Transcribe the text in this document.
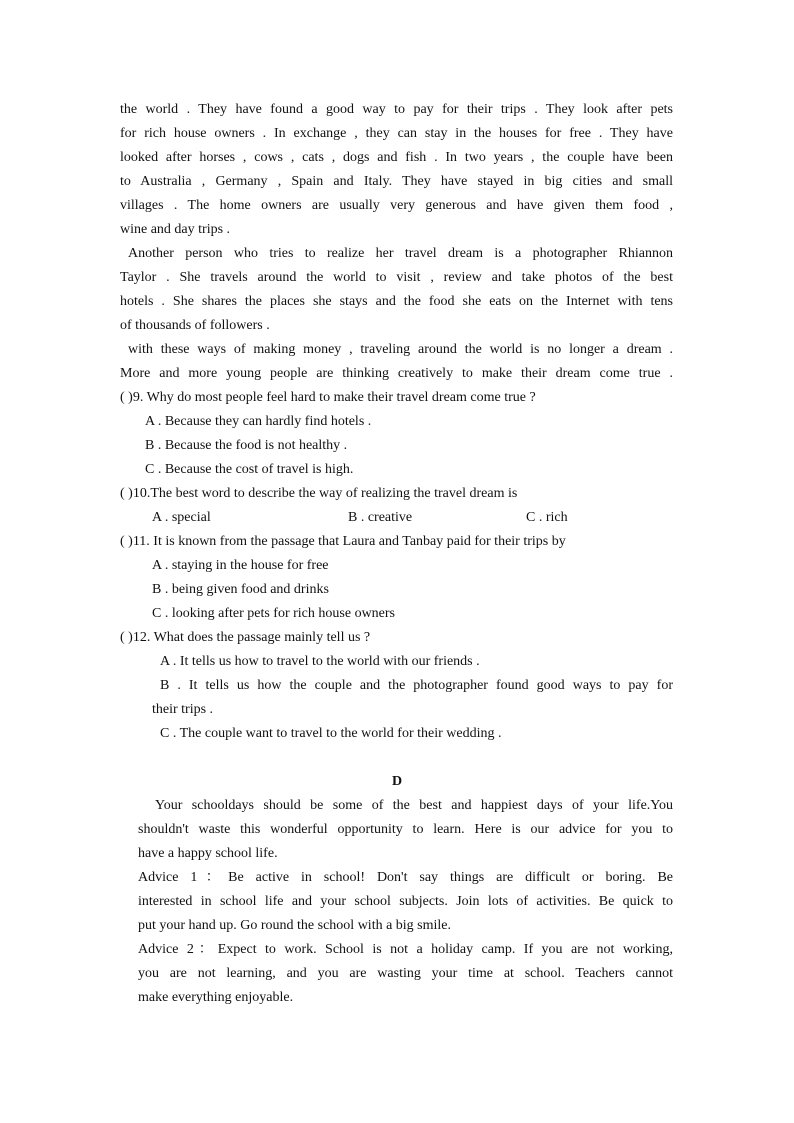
the world . They have found a good way to pay for their trips . They look after pets
for rich house owners . In exchange , they can stay in the houses for free . They have
looked after horses , cows , cats , dogs and fish . In two years , the couple have been
to Australia , Germany , Spain and Italy. They have stayed in big cities and small
villages . The home owners are usually very generous and have given them food ,
wine and day trips .
Another person who tries to realize her travel dream is a photographer Rhiannon
Taylor . She travels around the world to visit , review and take photos of the best
hotels . She shares the places she stays and the food she eats on the Internet with tens
of thousands of followers .
with these ways of making money , traveling around the world is no longer a dream .
More and more young people are thinking creatively to make their dream come true .
( )9. Why do most people feel hard to make their travel dream come true ?
A . Because they can hardly find hotels .
B . Because the food is not healthy .
C . Because the cost of travel is high.
( )10.The best word to describe the way of realizing the travel dream is
A . special	B . creative	C . rich
( )11. It is known from the passage that Laura and Tanbay paid for their trips by
A . staying in the house for free
B . being given food and drinks
C . looking after pets for rich house owners
( )12. What does the passage mainly tell us ?
A . It tells us how to travel to the world with our friends .
B . It tells us how the couple and the photographer found good ways to pay for
their trips .
C . The couple want to travel to the world for their wedding .
D
Your schooldays should be some of the best and happiest days of your life.You
shouldn't waste this wonderful opportunity to learn. Here is our advice for you to
have a happy school life.
Advice 1：Be active in school! Don't say things are difficult or boring. Be
interested in school life and your school subjects. Join lots of activities. Be quick to
put your hand up. Go round the school with a big smile.
Advice 2：Expect to work. School is not a holiday camp. If you are not working,
you are not learning, and you are wasting your time at school. Teachers cannot
make everything enjoyable.
